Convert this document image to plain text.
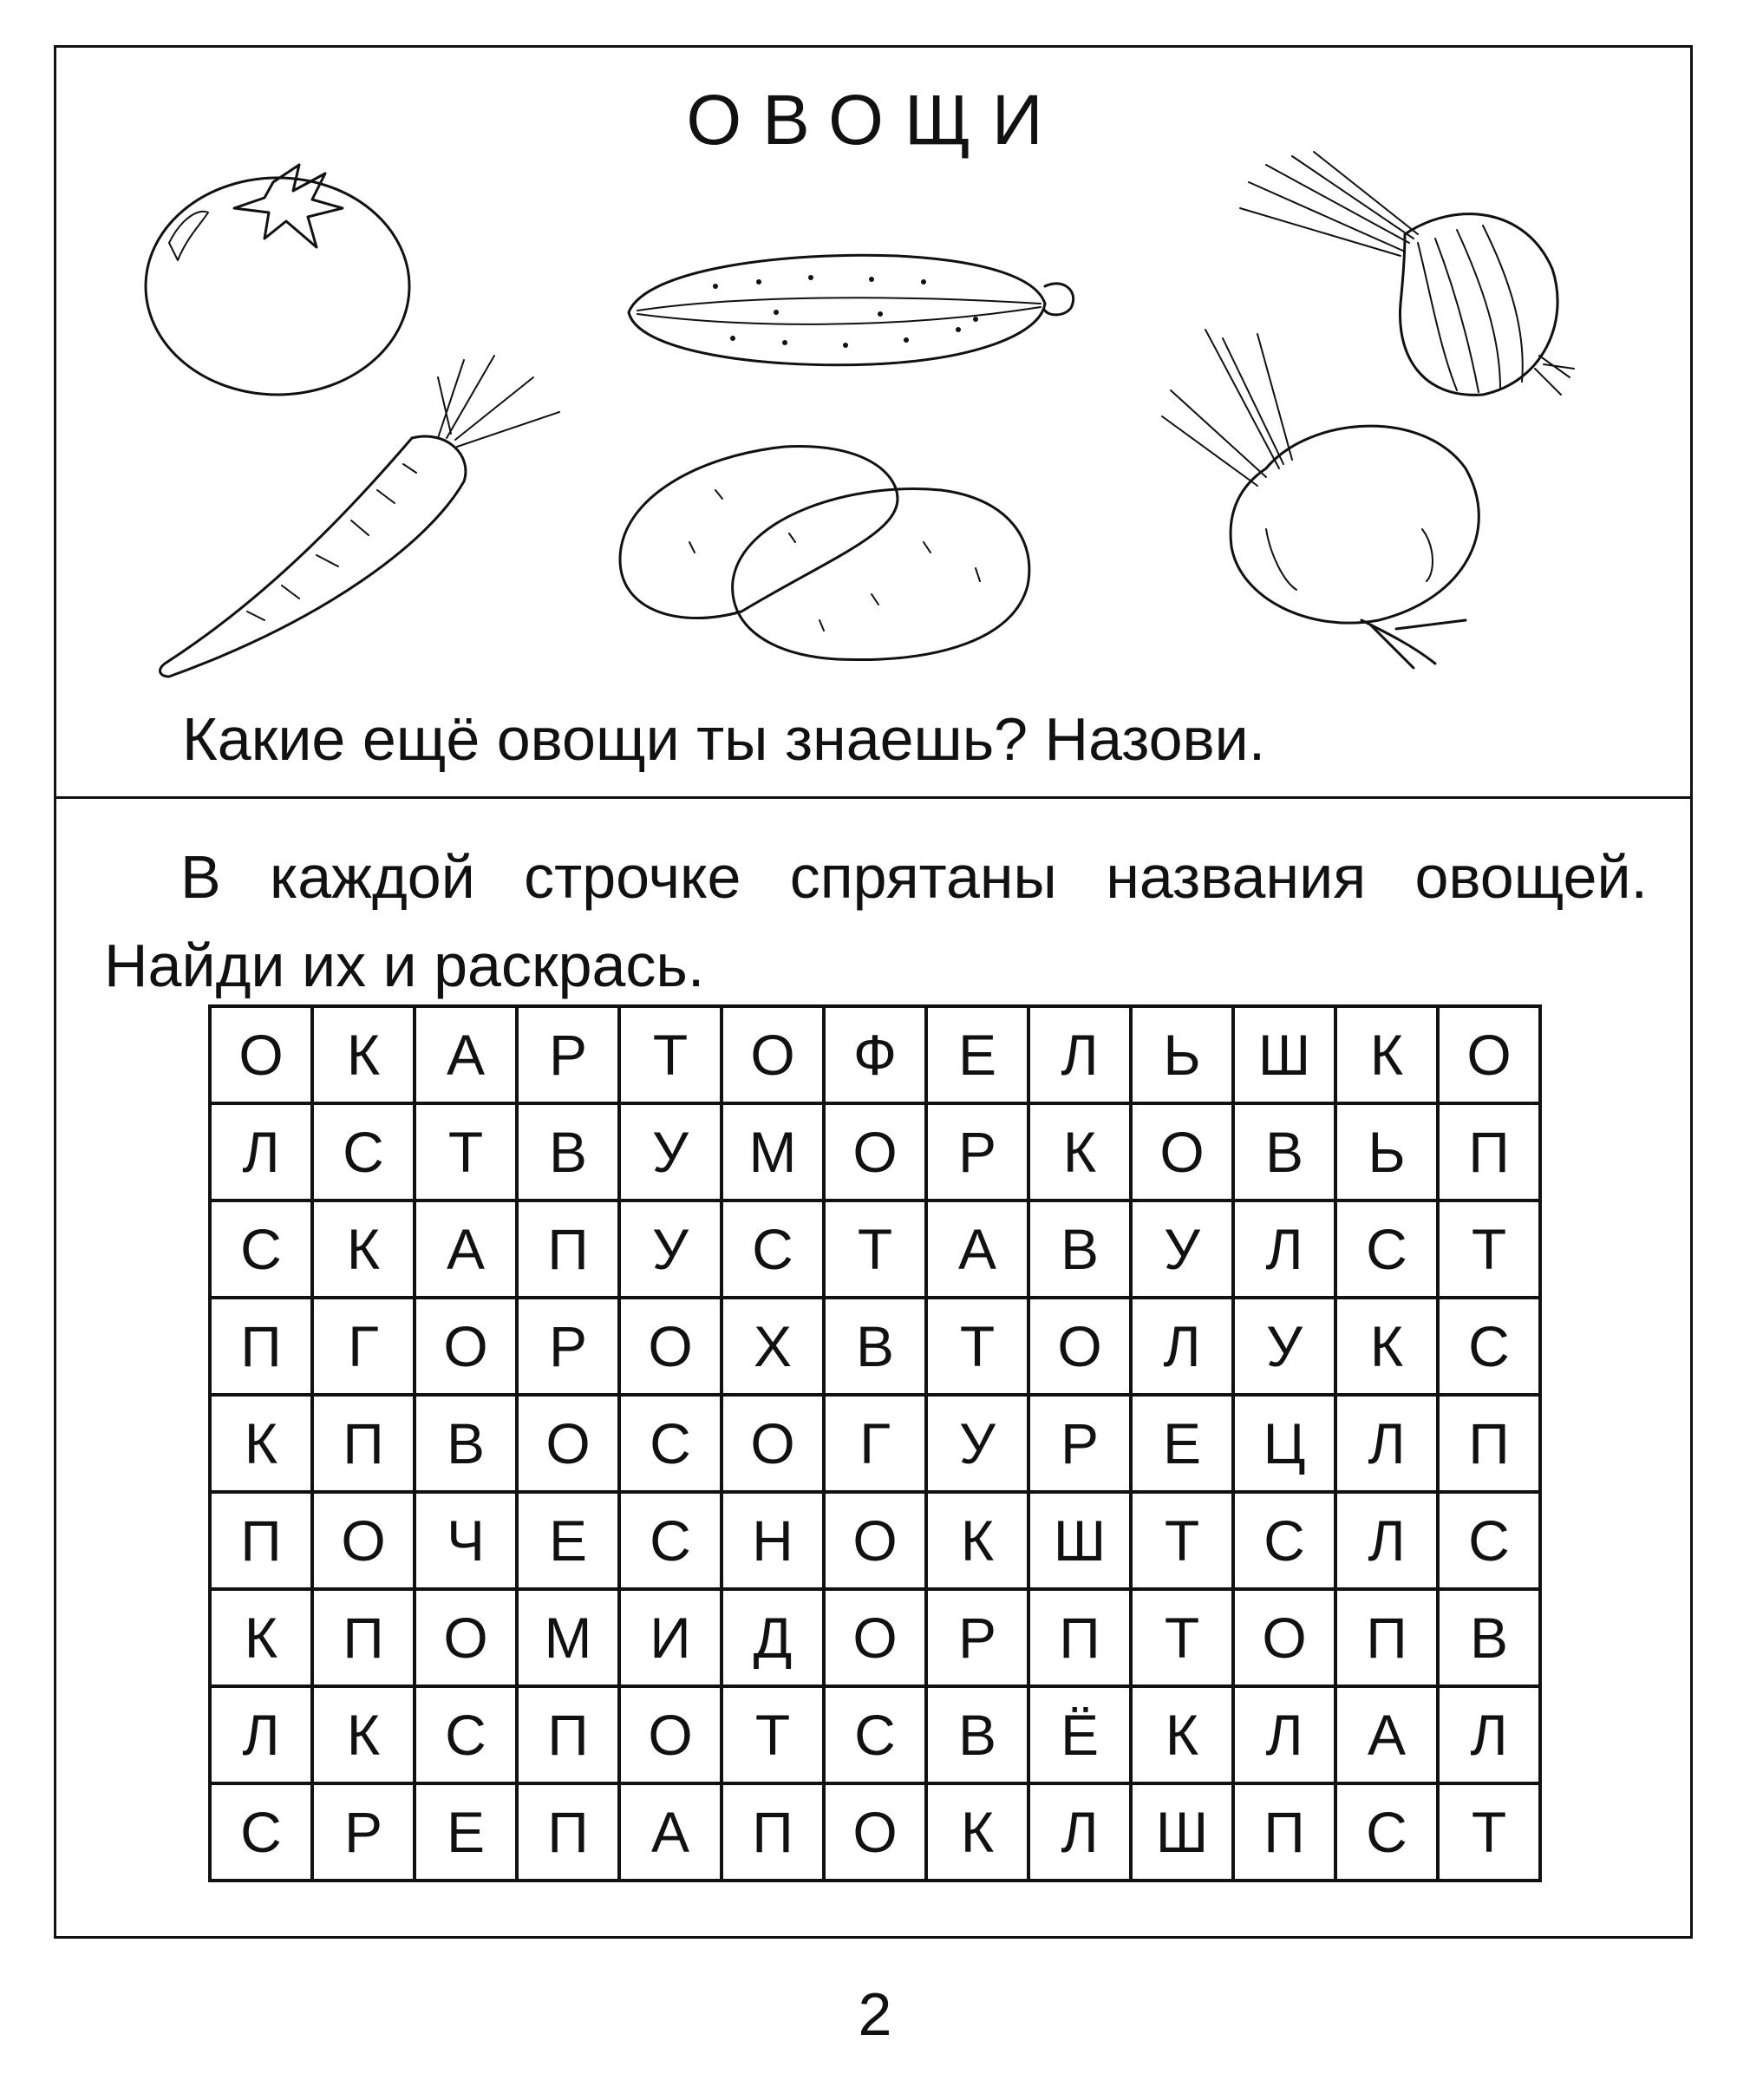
ОВОЩИ
Какие ещё овощи ты знаешь? Назови.
В каждой строчке спрятаны названия овощей. Найди их и раскрась.
О	К	А	Р	Т	О	Ф	Е	Л	Ь	Ш	К	О
Л	С	Т	В	У	М	О	Р	К	О	В	Ь	П
С	К	А	П	У	С	Т	А	В	У	Л	С	Т
П	Г	О	Р	О	Х	В	Т	О	Л	У	К	С
К	П	В	О	С	О	Г	У	Р	Е	Ц	Л	П
П	О	Ч	Е	С	Н	О	К	Ш	Т	С	Л	С
К	П	О	М	И	Д	О	Р	П	Т	О	П	В
Л	К	С	П	О	Т	С	В	Ё	К	Л	А	Л
С	Р	Е	П	А	П	О	К	Л	Ш	П	С	Т
2
